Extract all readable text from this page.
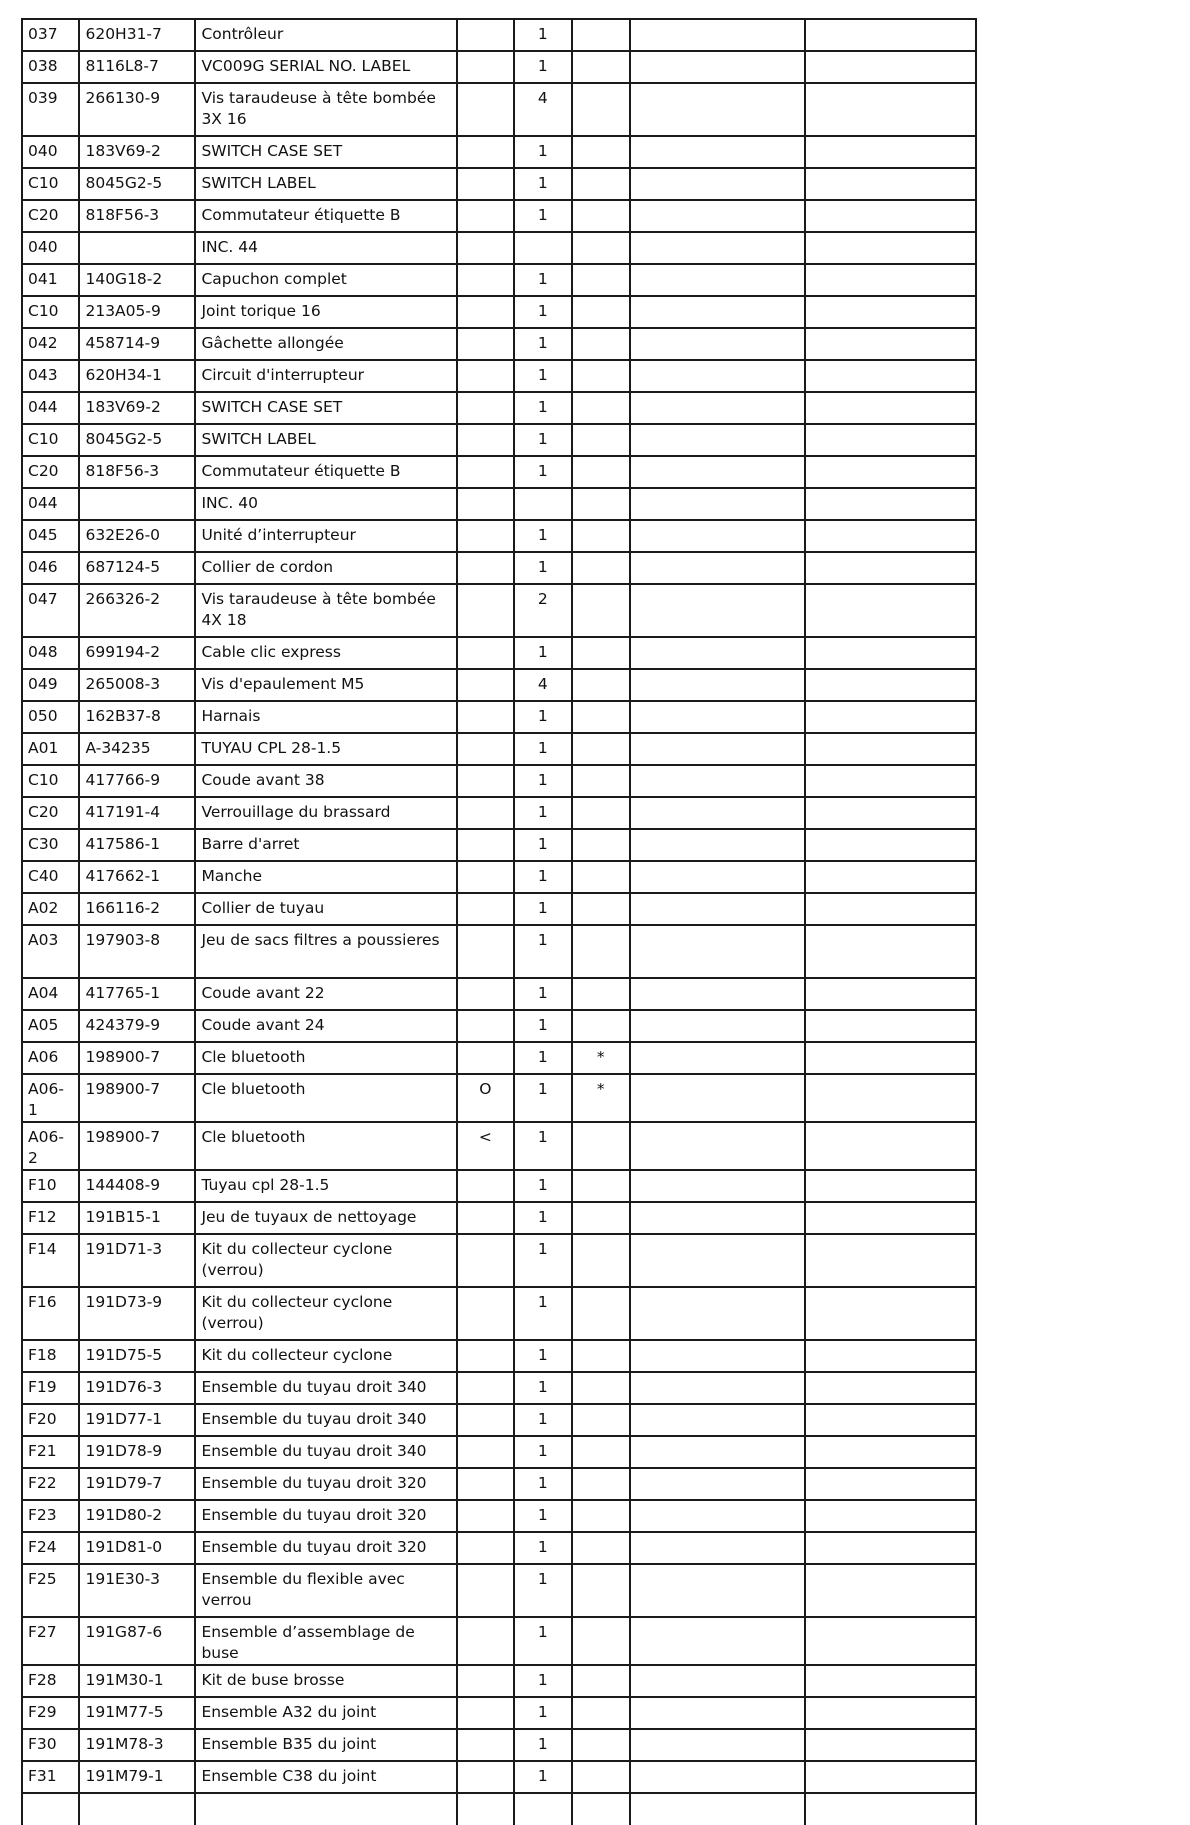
037	620H31-7	Contrôleur		1			
038	8116L8-7	VC009G SERIAL NO. LABEL		1			
039	266130-9	Vis taraudeuse à tête bombée 3X 16		4			
040	183V69-2	SWITCH CASE SET		1			
C10	8045G2-5	SWITCH LABEL		1			
C20	818F56-3	Commutateur étiquette B		1			
040		INC. 44					
041	140G18-2	Capuchon complet		1			
C10	213A05-9	Joint torique 16		1			
042	458714-9	Gâchette allongée		1			
043	620H34-1	Circuit d'interrupteur		1			
044	183V69-2	SWITCH CASE SET		1			
C10	8045G2-5	SWITCH LABEL		1			
C20	818F56-3	Commutateur étiquette B		1			
044		INC. 40					
045	632E26-0	Unité d’interrupteur		1			
046	687124-5	Collier de cordon		1			
047	266326-2	Vis taraudeuse à tête bombée 4X 18		2			
048	699194-2	Cable clic express		1			
049	265008-3	Vis d'epaulement M5		4			
050	162B37-8	Harnais		1			
A01	A-34235	TUYAU CPL 28-1.5		1			
C10	417766-9	Coude avant 38		1			
C20	417191-4	Verrouillage du brassard		1			
C30	417586-1	Barre d'arret		1			
C40	417662-1	Manche		1			
A02	166116-2	Collier de tuyau		1			
A03	197903-8	Jeu de sacs filtres a poussieres		1			
A04	417765-1	Coude avant 22		1			
A05	424379-9	Coude avant 24		1			
A06	198900-7	Cle bluetooth		1	*		
A06-1	198900-7	Cle bluetooth	O	1	*		
A06-2	198900-7	Cle bluetooth	<	1			
F10	144408-9	Tuyau cpl 28-1.5		1			
F12	191B15-1	Jeu de tuyaux de nettoyage		1			
F14	191D71-3	Kit du collecteur cyclone (verrou)		1			
F16	191D73-9	Kit du collecteur cyclone (verrou)		1			
F18	191D75-5	Kit du collecteur cyclone		1			
F19	191D76-3	Ensemble du tuyau droit 340		1			
F20	191D77-1	Ensemble du tuyau droit 340		1			
F21	191D78-9	Ensemble du tuyau droit 340		1			
F22	191D79-7	Ensemble du tuyau droit 320		1			
F23	191D80-2	Ensemble du tuyau droit 320		1			
F24	191D81-0	Ensemble du tuyau droit 320		1			
F25	191E30-3	Ensemble du flexible avec verrou		1			
F27	191G87-6	Ensemble d’assemblage de buse		1			
F28	191M30-1	Kit de buse brosse		1			
F29	191M77-5	Ensemble A32 du joint		1			
F30	191M78-3	Ensemble B35 du joint		1			
F31	191M79-1	Ensemble C38 du joint		1			
